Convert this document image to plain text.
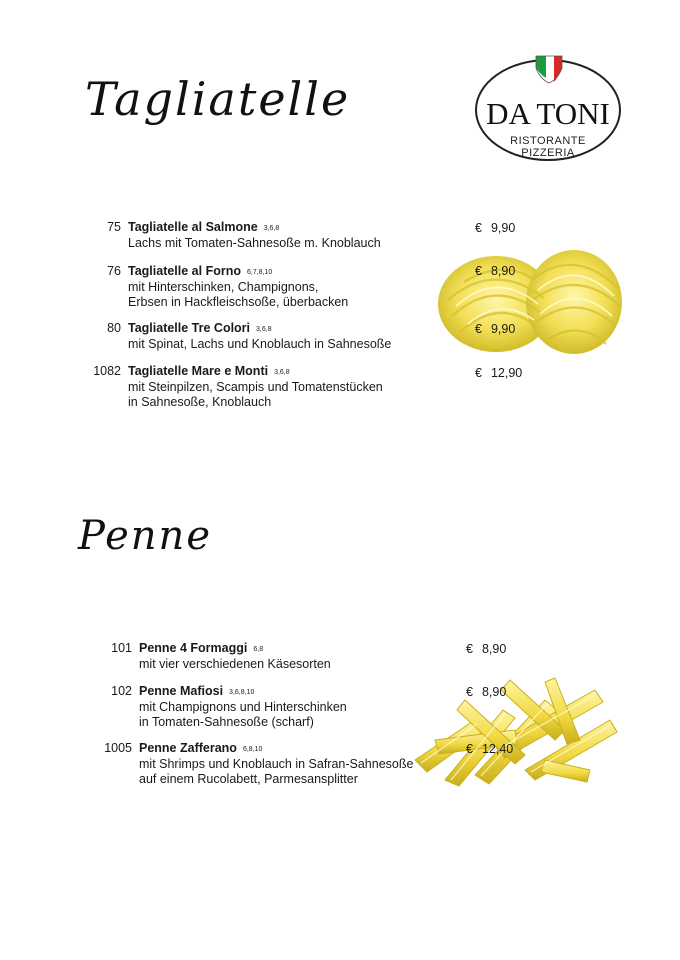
Tagliatelle	DA TONI
RISTORANTE
PIZZERIA
75 Tagliatelle al Salmone 3,6,8
Lachs mit Tomaten-Sahnesoße m. Knoblauch
€ 9,90
76 Tagliatelle al Forno 6,7,8,10
mit Hinterschinken, Champignons,
Erbsen in Hackfleischsoße, überbacken
€ 8,90
80 Tagliatelle Tre Colori 3,6,8
mit Spinat, Lachs und Knoblauch in Sahnesoße
€ 9,90
1082 Tagliatelle Mare e Monti 3,6,8
mit Steinpilzen, Scampis und Tomatenstücken
in Sahnesoße, Knoblauch
€ 12,90
Penne
101 Penne 4 Formaggi 6,8
mit vier verschiedenen Käsesorten
€ 8,90
102 Penne Mafiosi 3,6,8,10
mit Champignons und Hinterschinken
in Tomaten-Sahnesoße (scharf)
€ 8,90
1005 Penne Zafferano 6,8,10
mit Shrimps und Knoblauch in Safran-Sahnesoße
auf einem Rucolabett, Parmesansplitter
€ 12,40
